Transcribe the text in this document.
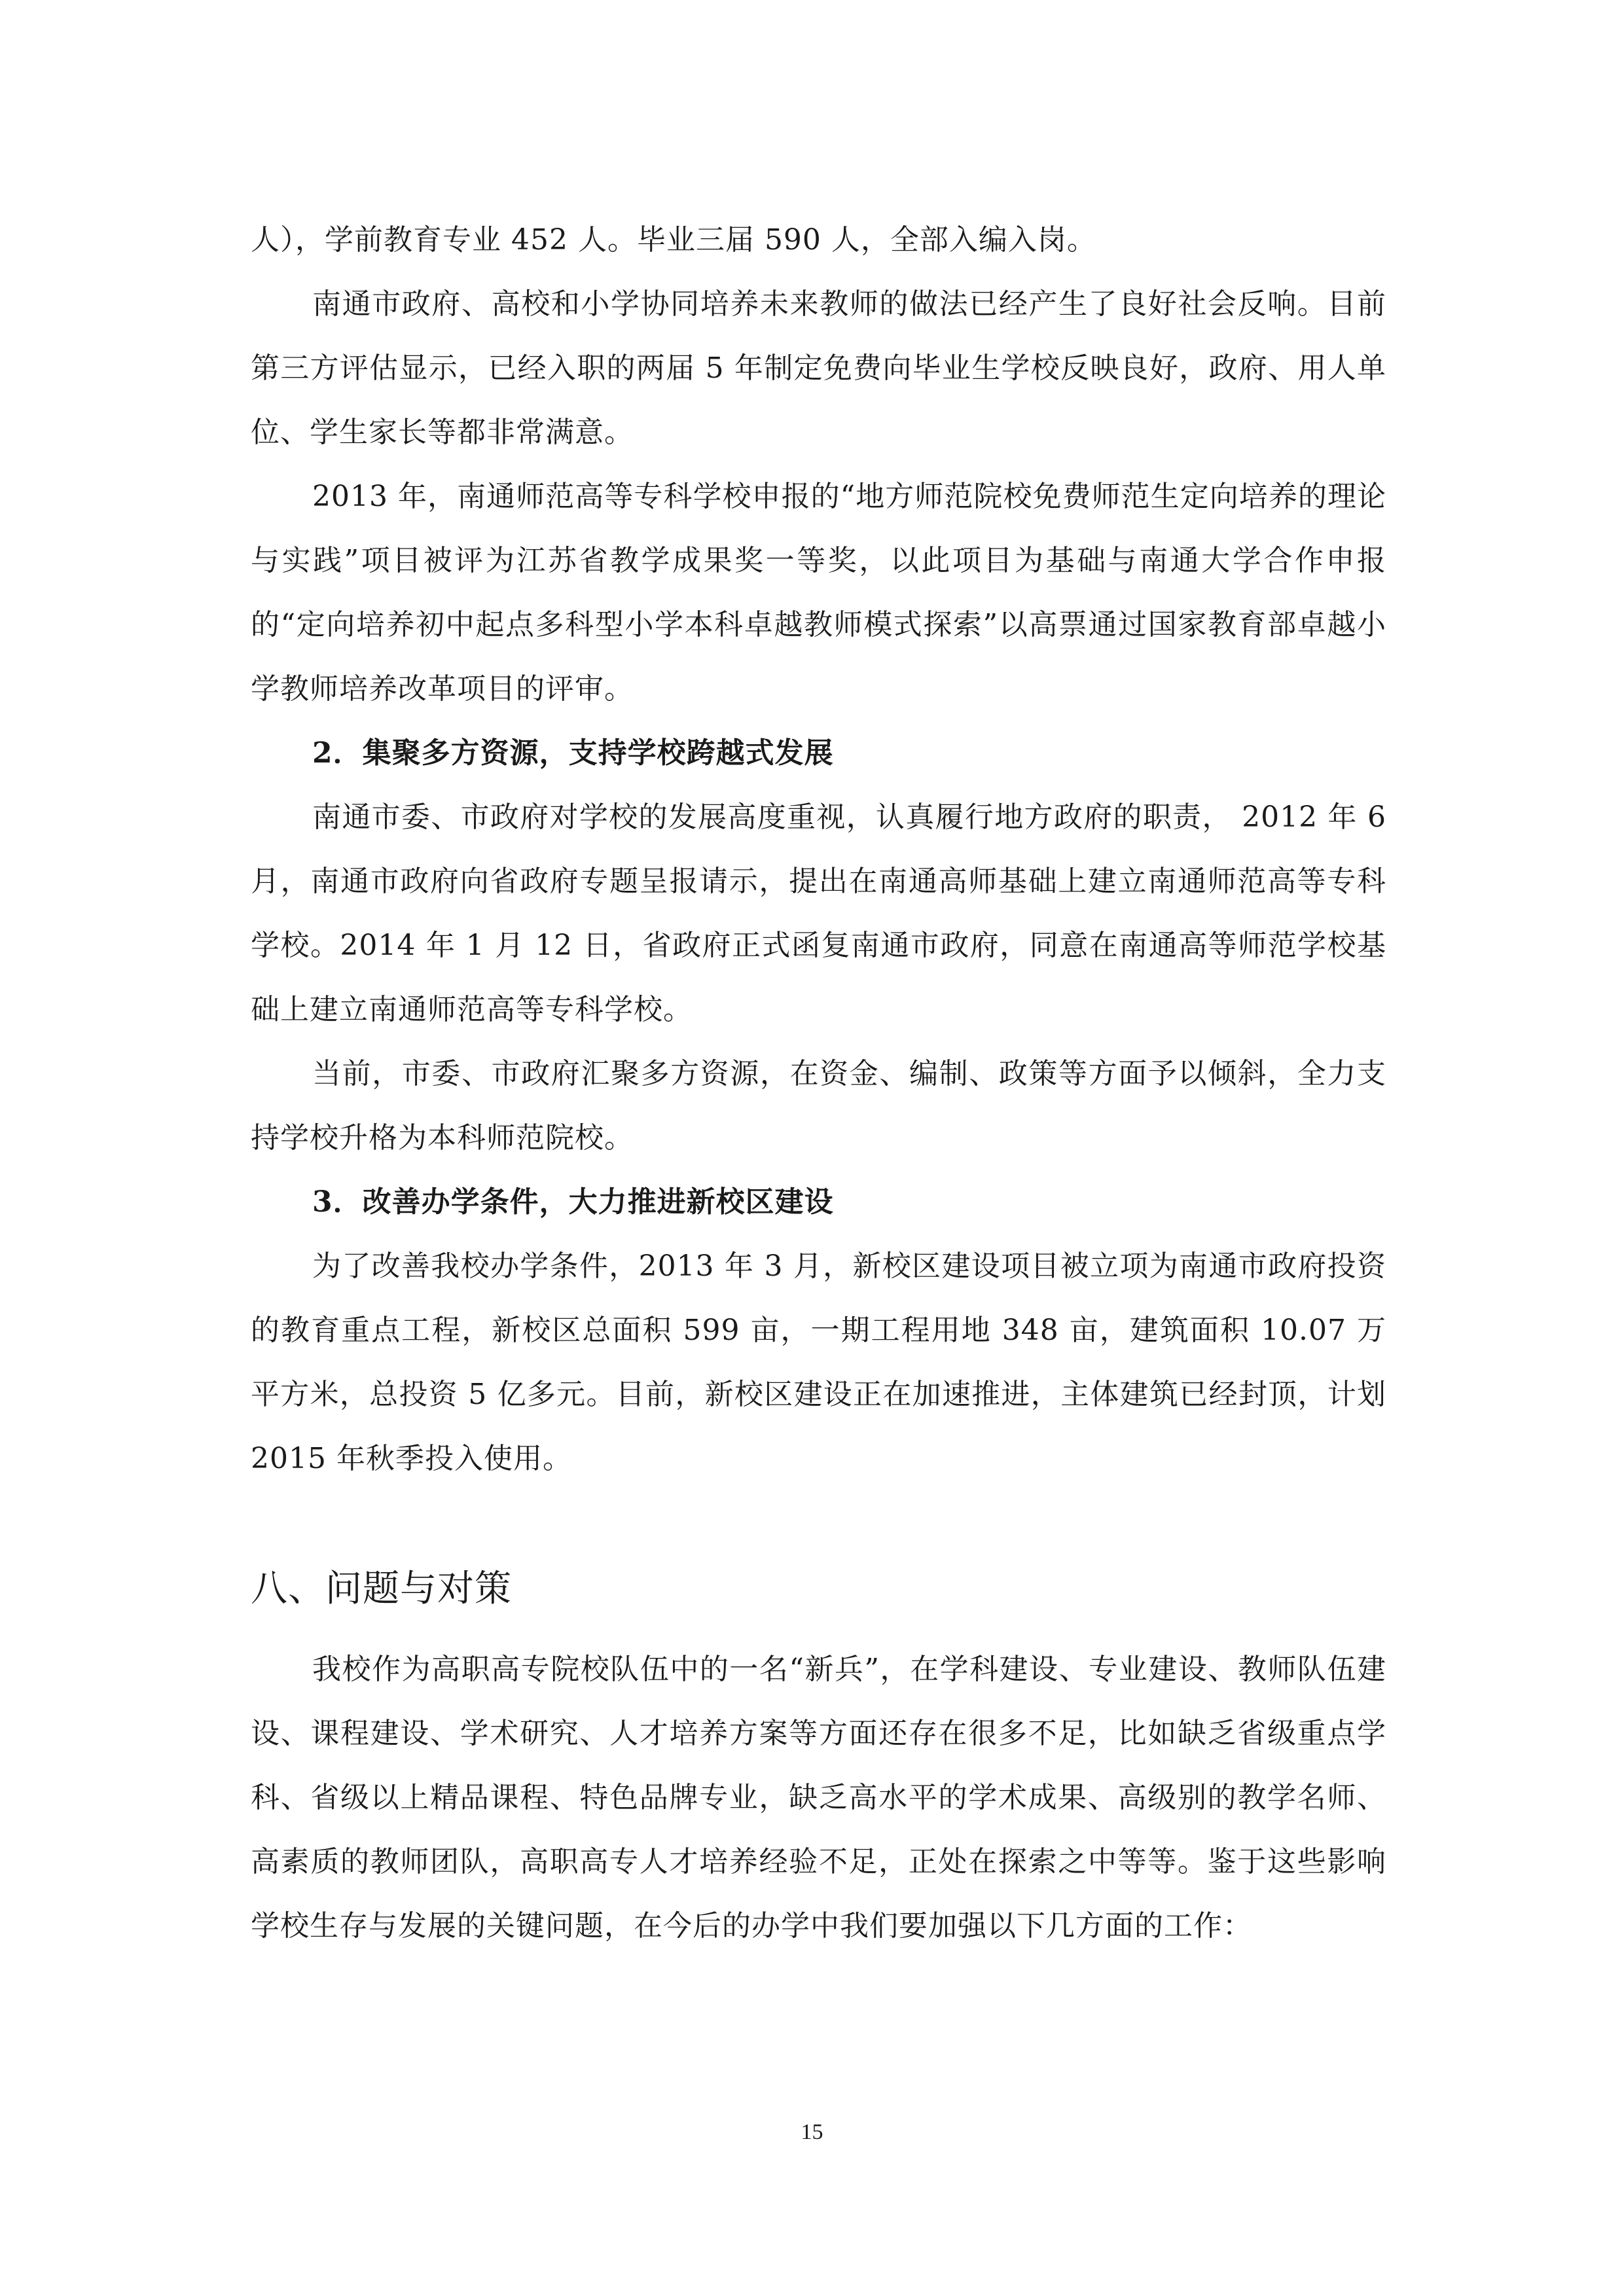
人），学前教育专业 452 人。毕业三届 590 人，全部入编入岗。

南通市政府、高校和小学协同培养未来教师的做法已经产生了良好社会反响。目前第三方评估显示，已经入职的两届 5 年制定免费向毕业生学校反映良好，政府、用人单位、学生家长等都非常满意。

2013 年，南通师范高等专科学校申报的“地方师范院校免费师范生定向培养的理论与实践”项目被评为江苏省教学成果奖一等奖，以此项目为基础与南通大学合作申报的“定向培养初中起点多科型小学本科卓越教师模式探索”以高票通过国家教育部卓越小学教师培养改革项目的评审。

2．集聚多方资源，支持学校跨越式发展

南通市委、市政府对学校的发展高度重视，认真履行地方政府的职责， 2012 年 6 月，南通市政府向省政府专题呈报请示，提出在南通高师基础上建立南通师范高等专科学校。2014 年 1 月 12 日，省政府正式函复南通市政府，同意在南通高等师范学校基础上建立南通师范高等专科学校。

当前，市委、市政府汇聚多方资源，在资金、编制、政策等方面予以倾斜，全力支持学校升格为本科师范院校。

3．改善办学条件，大力推进新校区建设

为了改善我校办学条件，2013 年 3 月，新校区建设项目被立项为南通市政府投资的教育重点工程，新校区总面积 599 亩，一期工程用地 348 亩，建筑面积 10.07 万平方米，总投资 5 亿多元。目前，新校区建设正在加速推进，主体建筑已经封顶，计划 2015 年秋季投入使用。

八、问题与对策

我校作为高职高专院校队伍中的一名“新兵”，在学科建设、专业建设、教师队伍建设、课程建设、学术研究、人才培养方案等方面还存在很多不足，比如缺乏省级重点学科、省级以上精品课程、特色品牌专业，缺乏高水平的学术成果、高级别的教学名师、高素质的教师团队，高职高专人才培养经验不足，正处在探索之中等等。鉴于这些影响学校生存与发展的关键问题，在今后的办学中我们要加强以下几方面的工作：

15
